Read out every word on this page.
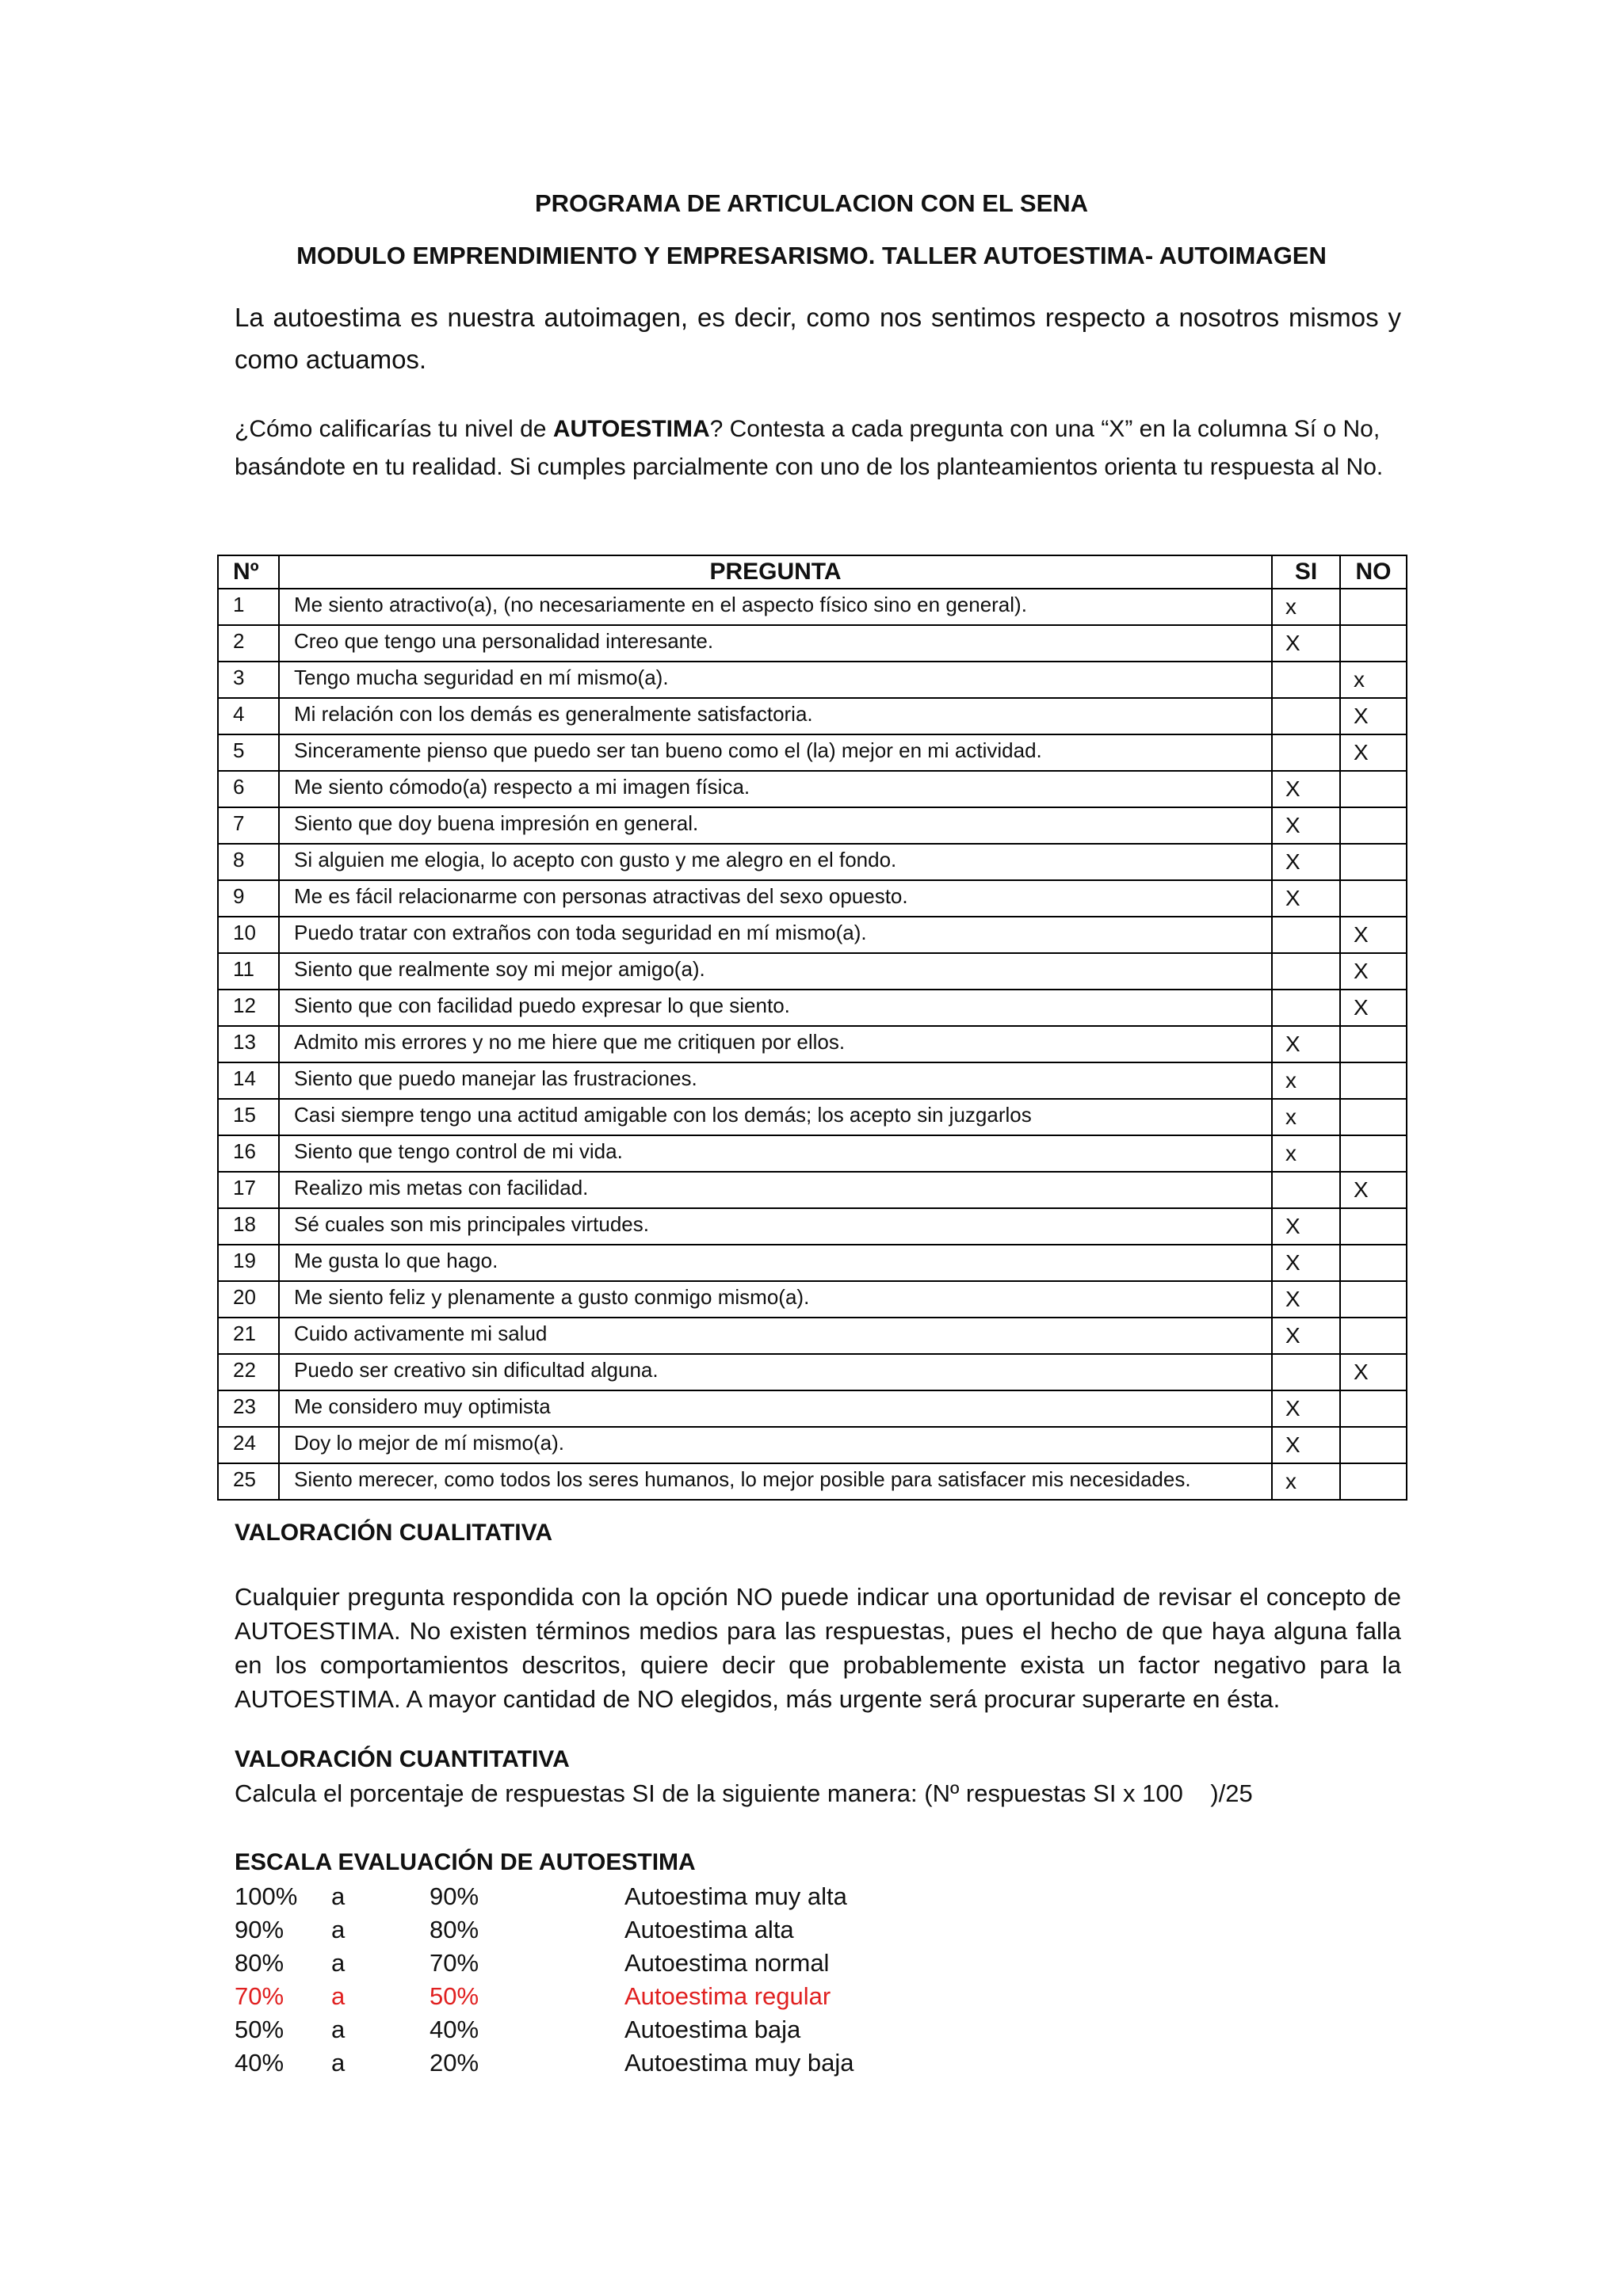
PROGRAMA DE ARTICULACION CON EL SENA
MODULO EMPRENDIMIENTO Y EMPRESARISMO. TALLER AUTOESTIMA- AUTOIMAGEN
La autoestima es nuestra autoimagen, es decir, como nos sentimos respecto a nosotros mismos y como actuamos.
¿Cómo calificarías tu nivel de AUTOESTIMA? Contesta a cada pregunta con una “X” en la columna Sí o No, basándote en tu realidad. Si cumples parcialmente con uno de los planteamientos orienta tu respuesta al No.
Nº	PREGUNTA	SI	NO
1	Me siento atractivo(a), (no necesariamente en el aspecto físico sino en general).	x	
2	Creo que tengo una personalidad interesante.	X	
3	Tengo mucha seguridad en mí mismo(a).		x
4	Mi relación con los demás es generalmente satisfactoria.		X
5	Sinceramente pienso que puedo ser tan bueno como el (la) mejor en mi actividad.		X
6	Me siento cómodo(a) respecto a mi imagen física.	X	
7	Siento que doy buena impresión en general.	X	
8	Si alguien me elogia, lo acepto con gusto y me alegro en el fondo.	X	
9	Me es fácil relacionarme con personas atractivas del sexo opuesto.	X	
10	Puedo tratar con extraños con toda seguridad en mí mismo(a).		X
11	Siento que realmente soy mi mejor amigo(a).		X
12	Siento que con facilidad puedo expresar lo que siento.		X
13	Admito mis errores y no me hiere que me critiquen por ellos.	X	
14	Siento que puedo manejar las frustraciones.	x	
15	Casi siempre tengo una actitud amigable con los demás; los acepto sin juzgarlos	x	
16	Siento que tengo control de mi vida.	x	
17	Realizo mis metas con facilidad.		X
18	Sé cuales son mis principales virtudes.	X	
19	Me gusta lo que hago.	X	
20	Me siento feliz y plenamente a gusto conmigo mismo(a).	X	
21	Cuido activamente mi salud	X	
22	Puedo ser creativo sin dificultad alguna.		X
23	Me considero muy optimista	X	
24	Doy lo mejor de mí mismo(a).	X	
25	Siento merecer, como todos los seres humanos, lo mejor posible para satisfacer mis necesidades.	x	
VALORACIÓN CUALITATIVA
Cualquier pregunta respondida con la opción NO puede indicar una oportunidad de revisar el concepto de AUTOESTIMA. No existen términos medios para las respuestas, pues el hecho de que haya alguna falla en los comportamientos descritos, quiere decir que probablemente exista un factor negativo para la AUTOESTIMA. A mayor cantidad de NO elegidos, más urgente será procurar superarte en ésta.
VALORACIÓN CUANTITATIVA
Calcula el porcentaje de respuestas SI de la siguiente manera: (Nº respuestas SI x 100    )/25
ESCALA EVALUACIÓN DE AUTOESTIMA
100% a	90%	Autoestima muy alta
90% a	80%	Autoestima alta
80% a	70%	Autoestima normal
70% a	50%	Autoestima regular
50% a	40%	Autoestima baja
40% a	20%	Autoestima muy baja
